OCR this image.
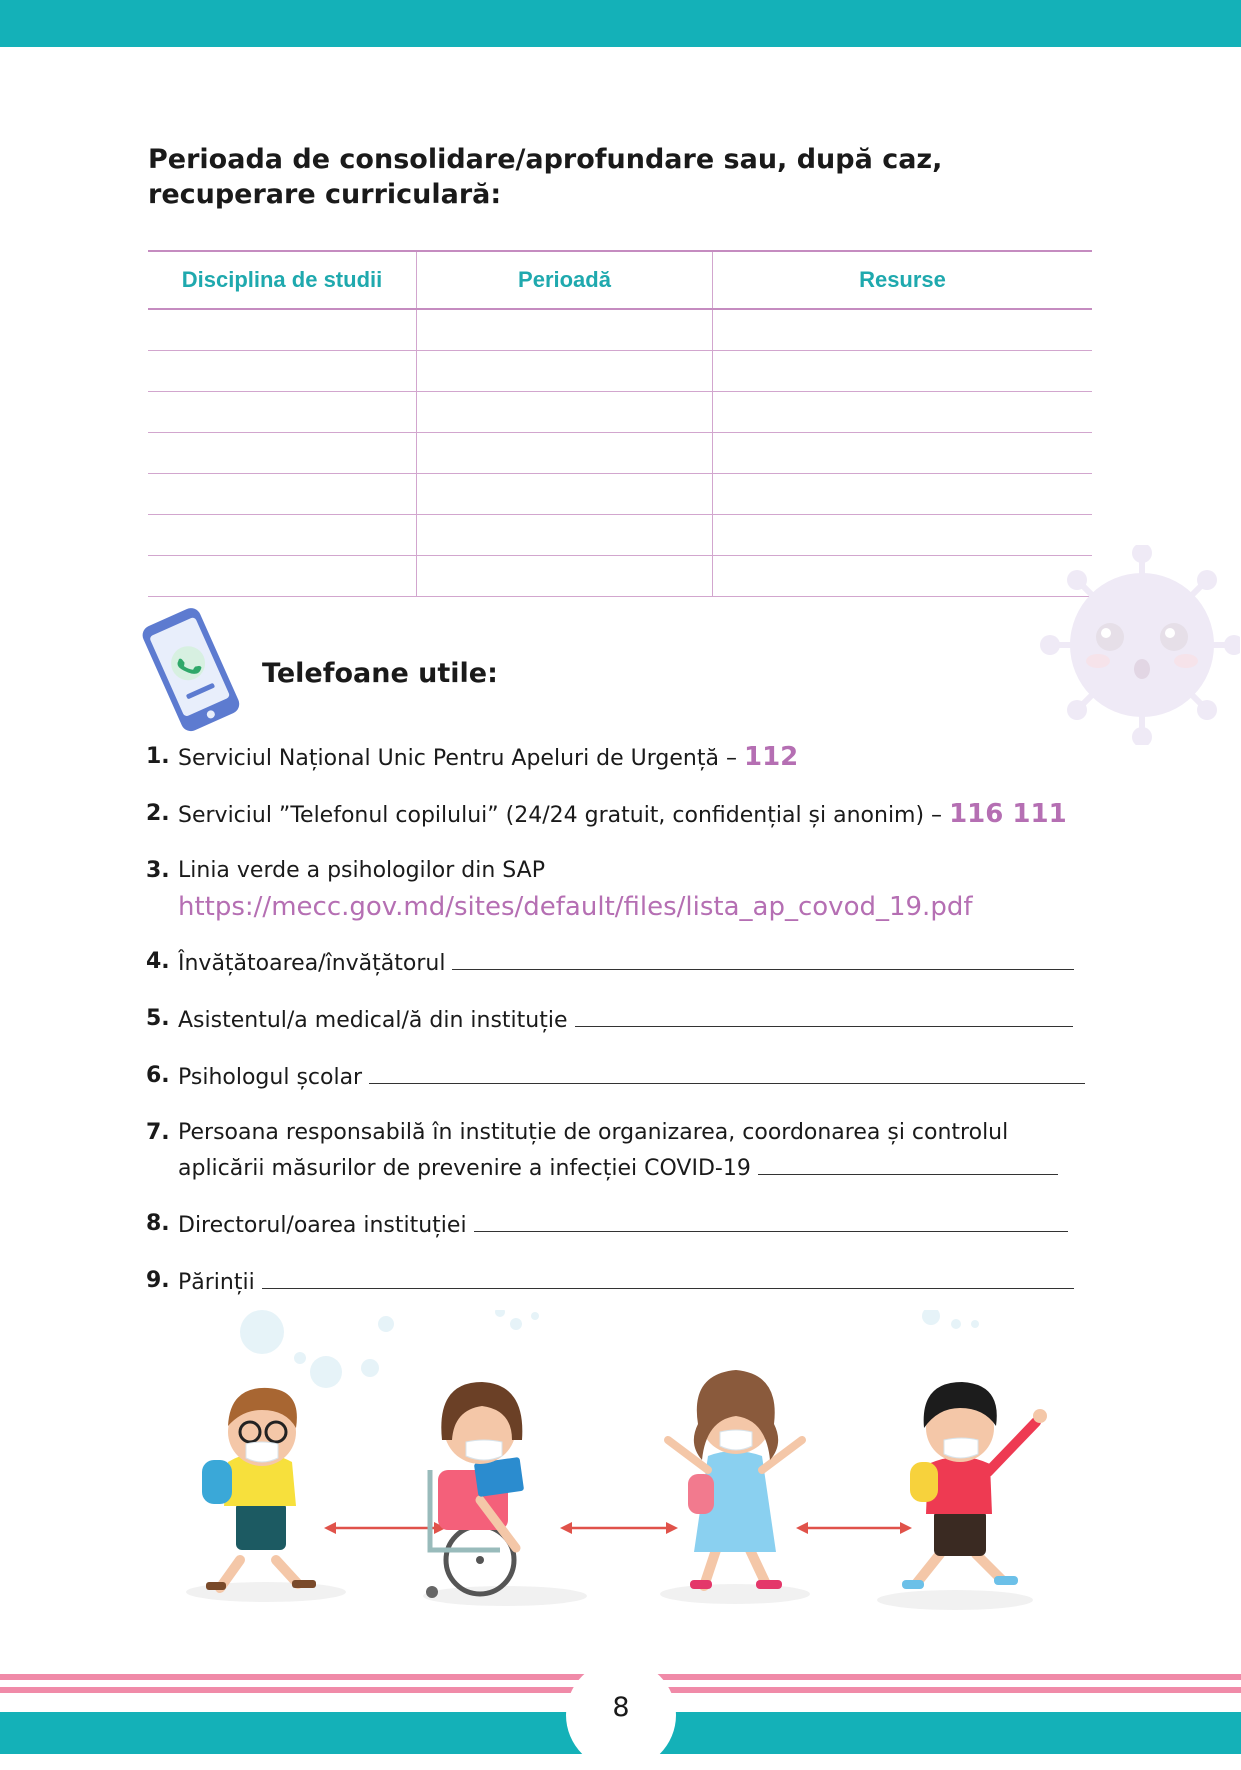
Perioada de consolidare/aprofundare sau, după caz, recuperare curriculară:
Disciplina de studii	Perioadă	Resurse

Telefoane utile:
1. Serviciul Național Unic Pentru Apeluri de Urgență – 112
2. Serviciul ”Telefonul copilului” (24/24 gratuit, confidențial și anonim) – 116 111
3. Linia verde a psihologilor din SAP
https://mecc.gov.md/sites/default/files/lista_ap_covod_19.pdf
4. Învățătoarea/învățătorul
5. Asistentul/a medical/ă din instituție
6. Psihologul școlar
7. Persoana responsabilă în instituție de organizarea, coordonarea și controlul aplicării măsurilor de prevenire a infecției COVID-19
8. Directorul/oarea instituției
9. Părinții
8
